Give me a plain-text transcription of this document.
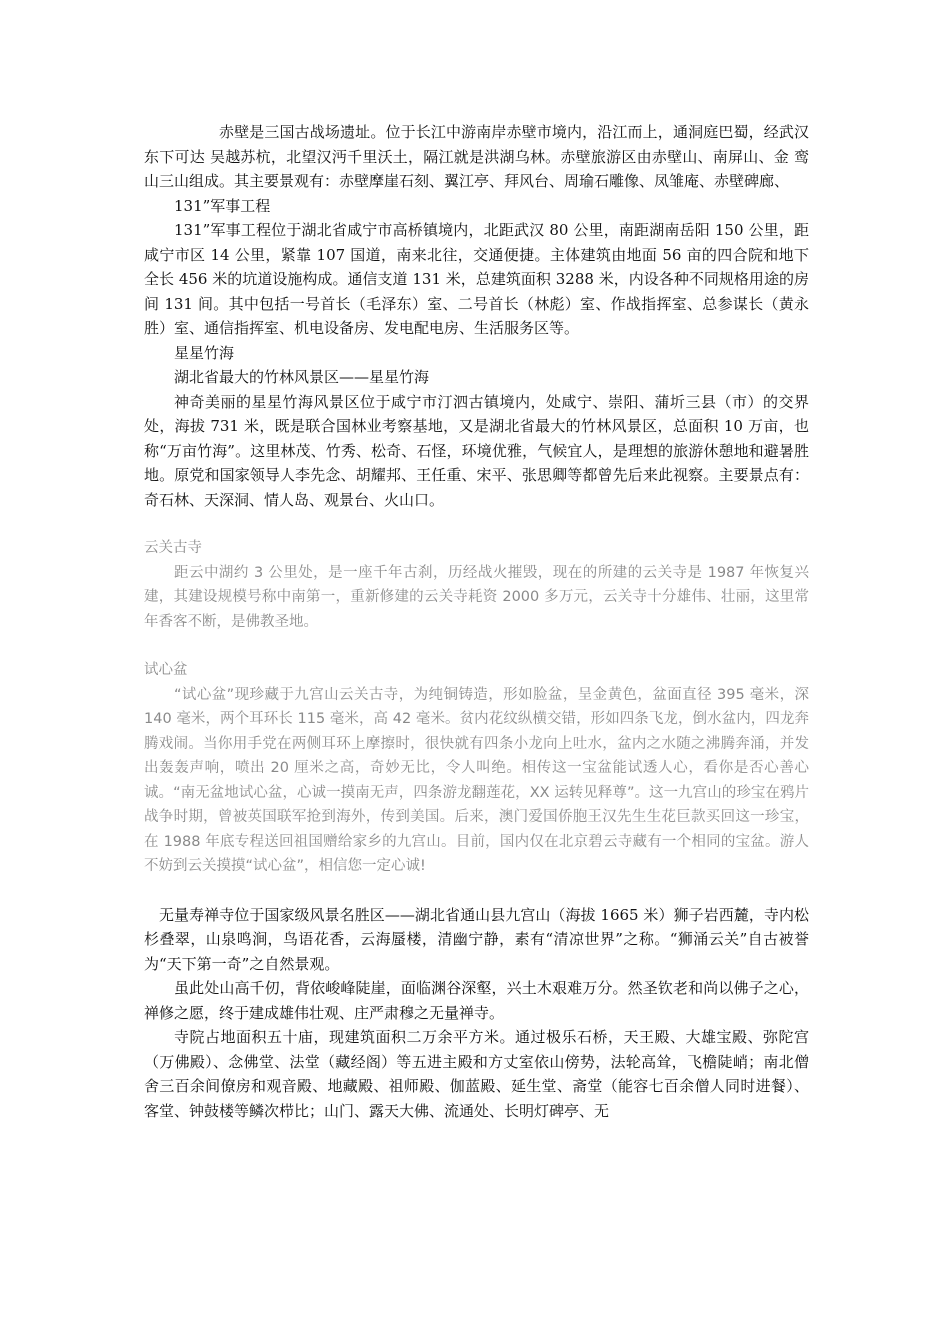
赤壁是三国古战场遗址。位于长江中游南岸赤壁市境内，沿江而上，通洞庭巴蜀，经武汉东下可达 吴越苏杭，北望汉沔千里沃土，隔江就是洪湖乌林。赤壁旅游区由赤壁山、南屏山、金 鸾山三山组成。其主要景观有：赤壁摩崖石刻、翼江亭、拜风台、周瑜石雕像、凤雏庵、赤壁碑廊、

131”军事工程

131”军事工程位于湖北省咸宁市高桥镇境内，北距武汉 80 公里，南距湖南岳阳 150 公里，距咸宁市区 14 公里，紧靠 107 国道，南来北往，交通便捷。主体建筑由地面 56 亩的四合院和地下全长 456 米的坑道设施构成。通信支道 131 米，总建筑面积 3288 米，内设各种不同规格用途的房间 131 间。其中包括一号首长（毛泽东）室、二号首长（林彪）室、作战指挥室、总参谋长（黄永胜）室、通信指挥室、机电设备房、发电配电房、生活服务区等。

星星竹海

湖北省最大的竹林风景区——星星竹海

神奇美丽的星星竹海风景区位于咸宁市汀泗古镇境内，处咸宁、崇阳、蒲圻三县（市）的交界处，海拔 731 米，既是联合国林业考察基地，又是湖北省最大的竹林风景区，总面积 10 万亩，也称“万亩竹海”。这里林茂、竹秀、松奇、石怪，环境优雅，气候宜人，是理想的旅游休憩地和避暑胜地。原党和国家领导人李先念、胡耀邦、王任重、宋平、张思卿等都曾先后来此视察。主要景点有：奇石林、天深洞、情人岛、观景台、火山口。

云关古寺

距云中湖约 3 公里处，是一座千年古刹，历经战火摧毁，现在的所建的云关寺是 1987 年恢复兴建，其建设规模号称中南第一，重新修建的云关寺耗资 2000 多万元，云关寺十分雄伟、壮丽，这里常年香客不断，是佛教圣地。

试心盆

“试心盆”现珍藏于九宫山云关古寺，为纯铜铸造，形如脸盆，呈金黄色，盆面直径 395 毫米，深 140 毫米，两个耳环长 115 毫米，高 42 毫米。贫内花纹纵横交错，形如四条飞龙，倒水盆内，四龙奔腾戏闹。当你用手党在两侧耳环上摩擦时，很快就有四条小龙向上吐水，盆内之水随之沸腾奔涌，并发出轰轰声响，喷出 20 厘米之高，奇妙无比，令人叫绝。相传这一宝盆能试透人心，看你是否心善心诚。“南无盆地试心盆，心诚一摸南无声，四条游龙翻莲花，XX 运转见释尊”。这一九宫山的珍宝在鸦片战争时期，曾被英国联军抢到海外，传到美国。后来，澳门爱国侨胞王汉先生生花巨款买回这一珍宝，在 1988 年底专程送回祖国赠给家乡的九宫山。目前，国内仅在北京碧云寺藏有一个相同的宝盆。游人不妨到云关摸摸“试心盆”，相信您一定心诚!

无量寿禅寺位于国家级风景名胜区——湖北省通山县九宫山（海拔 1665 米）狮子岩西麓，寺内松杉叠翠，山泉鸣涧，鸟语花香，云海蜃楼，清幽宁静，素有“清凉世界”之称。“狮涌云关”自古被誉为“天下第一奇”之自然景观。

虽此处山高千仞，背依峻峰陡崖，面临渊谷深壑，兴土木艰难万分。然圣钦老和尚以佛子之心，禅修之愿，终于建成雄伟壮观、庄严肃穆之无量禅寺。

寺院占地面积五十庙，现建筑面积二万余平方米。通过极乐石桥，天王殿、大雄宝殿、弥陀宫（万佛殿）、念佛堂、法堂（藏经阁）等五进主殿和方丈室依山傍势，法轮高耸，飞檐陡峭；南北僧舍三百余间僚房和观音殿、地藏殿、祖师殿、伽蓝殿、延生堂、斋堂（能容七百余僧人同时进餐）、客堂、钟鼓楼等鳞次栉比；山门、露天大佛、流通处、长明灯碑亭、无
